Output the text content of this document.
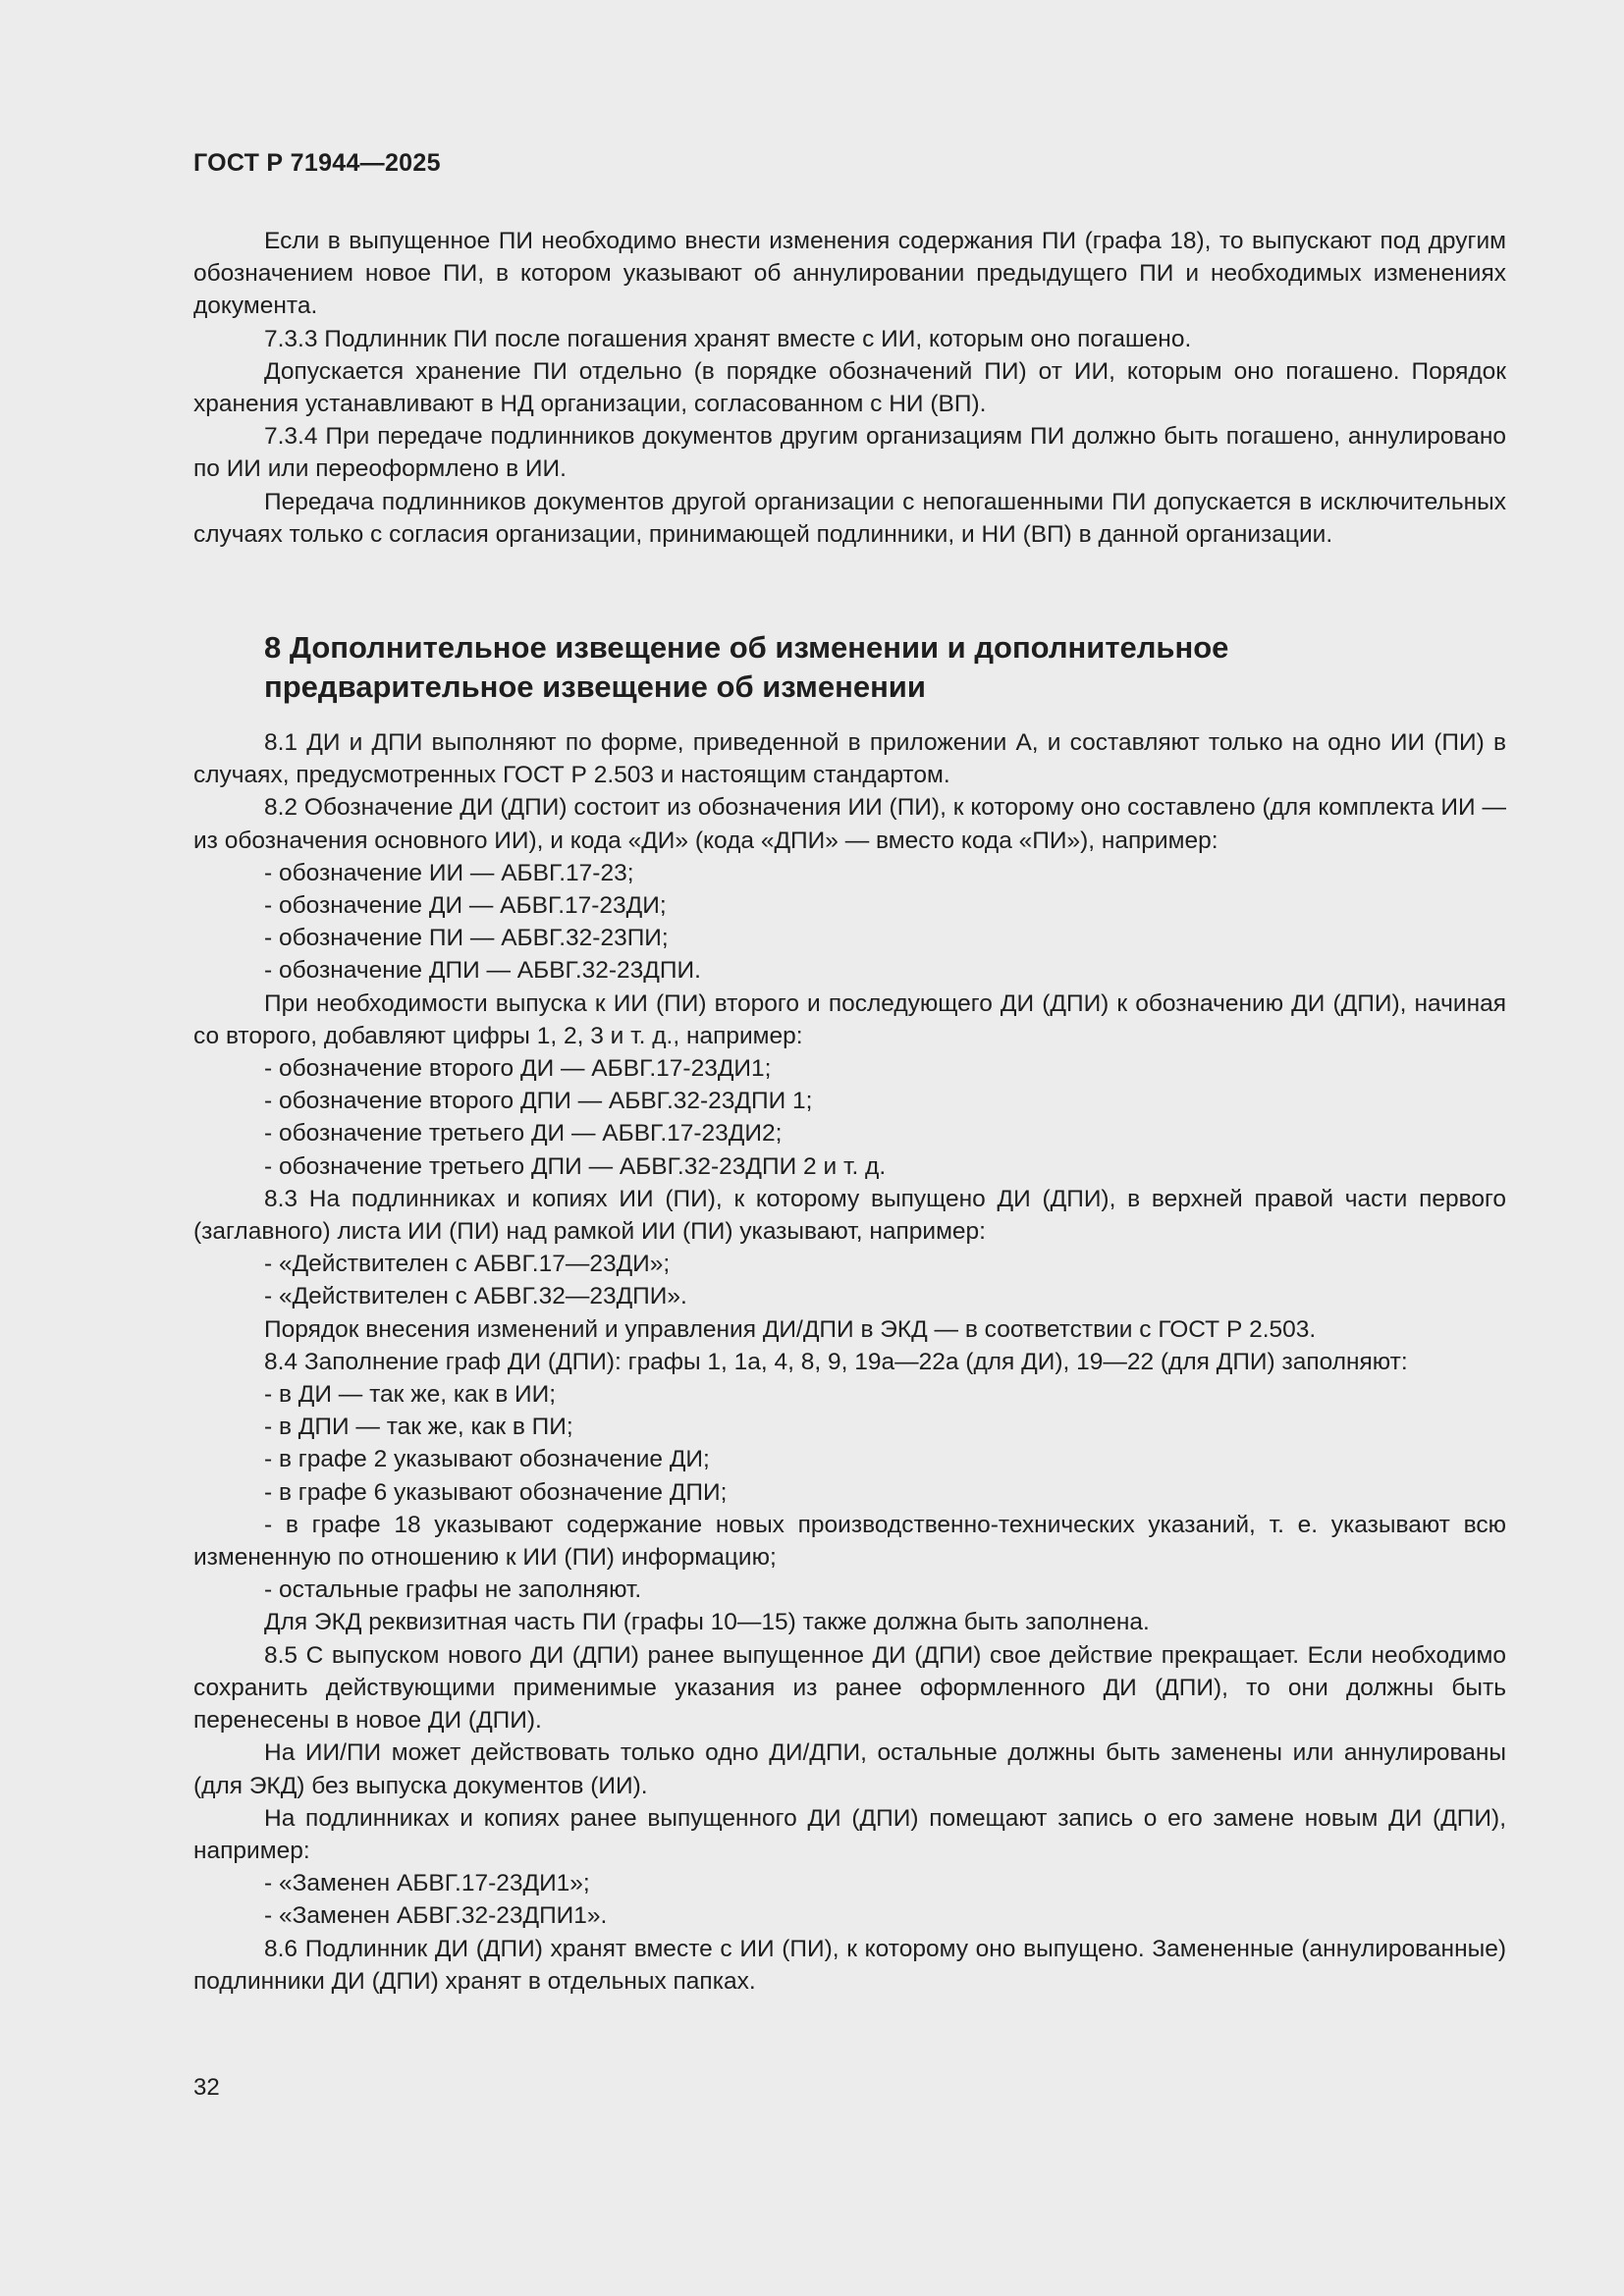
ГОСТ Р 71944—2025

Если в выпущенное ПИ необходимо внести изменения содержания ПИ (графа 18), то выпускают под другим обозначением новое ПИ, в котором указывают об аннулировании предыдущего ПИ и необходимых изменениях документа.

7.3.3 Подлинник ПИ после погашения хранят вместе с ИИ, которым оно погашено.

Допускается хранение ПИ отдельно (в порядке обозначений ПИ) от ИИ, которым оно погашено. Порядок хранения устанавливают в НД организации, согласованном с НИ (ВП).

7.3.4 При передаче подлинников документов другим организациям ПИ должно быть погашено, аннулировано по ИИ или переоформлено в ИИ.

Передача подлинников документов другой организации с непогашенными ПИ допускается в исключительных случаях только с согласия организации, принимающей подлинники, и НИ (ВП) в данной организации.

8 Дополнительное извещение об изменении и дополнительное предварительное извещение об изменении

8.1 ДИ и ДПИ выполняют по форме, приведенной в приложении А, и составляют только на одно ИИ (ПИ) в случаях, предусмотренных ГОСТ Р 2.503 и настоящим стандартом.

8.2 Обозначение ДИ (ДПИ) состоит из обозначения ИИ (ПИ), к которому оно составлено (для комплекта ИИ — из обозначения основного ИИ), и кода «ДИ» (кода «ДПИ» — вместо кода «ПИ»), например:

- обозначение ИИ — АБВГ.17-23;

- обозначение ДИ — АБВГ.17-23ДИ;

- обозначение ПИ — АБВГ.32-23ПИ;

- обозначение ДПИ — АБВГ.32-23ДПИ.

При необходимости выпуска к ИИ (ПИ) второго и последующего ДИ (ДПИ) к обозначению ДИ (ДПИ), начиная со второго, добавляют цифры 1, 2, 3 и т. д., например:

- обозначение второго ДИ — АБВГ.17-23ДИ1;

- обозначение второго ДПИ — АБВГ.32-23ДПИ 1;

- обозначение третьего ДИ — АБВГ.17-23ДИ2;

- обозначение третьего ДПИ — АБВГ.32-23ДПИ 2 и т. д.

8.3 На подлинниках и копиях ИИ (ПИ), к которому выпущено ДИ (ДПИ), в верхней правой части первого (заглавного) листа ИИ (ПИ) над рамкой ИИ (ПИ) указывают, например:

- «Действителен с АБВГ.17—23ДИ»;

- «Действителен с АБВГ.32—23ДПИ».

Порядок внесения изменений и управления ДИ/ДПИ в ЭКД — в соответствии с ГОСТ Р 2.503.

8.4 Заполнение граф ДИ (ДПИ): графы 1, 1а, 4, 8, 9, 19а—22а (для ДИ), 19—22 (для ДПИ) заполняют:

- в ДИ — так же, как в ИИ;

- в ДПИ — так же, как в ПИ;

- в графе 2 указывают обозначение ДИ;

- в графе 6 указывают обозначение ДПИ;

- в графе 18 указывают содержание новых производственно-технических указаний, т. е. указывают всю измененную по отношению к ИИ (ПИ) информацию;

- остальные графы не заполняют.

Для ЭКД реквизитная часть ПИ (графы 10—15) также должна быть заполнена.

8.5 С выпуском нового ДИ (ДПИ) ранее выпущенное ДИ (ДПИ) свое действие прекращает. Если необходимо сохранить действующими применимые указания из ранее оформленного ДИ (ДПИ), то они должны быть перенесены в новое ДИ (ДПИ).

На ИИ/ПИ может действовать только одно ДИ/ДПИ, остальные должны быть заменены или аннулированы (для ЭКД) без выпуска документов (ИИ).

На подлинниках и копиях ранее выпущенного ДИ (ДПИ) помещают запись о его замене новым ДИ (ДПИ), например:

- «Заменен АБВГ.17-23ДИ1»;

- «Заменен АБВГ.32-23ДПИ1».

8.6 Подлинник ДИ (ДПИ) хранят вместе с ИИ (ПИ), к которому оно выпущено. Замененные (аннулированные) подлинники ДИ (ДПИ) хранят в отдельных папках.

32
